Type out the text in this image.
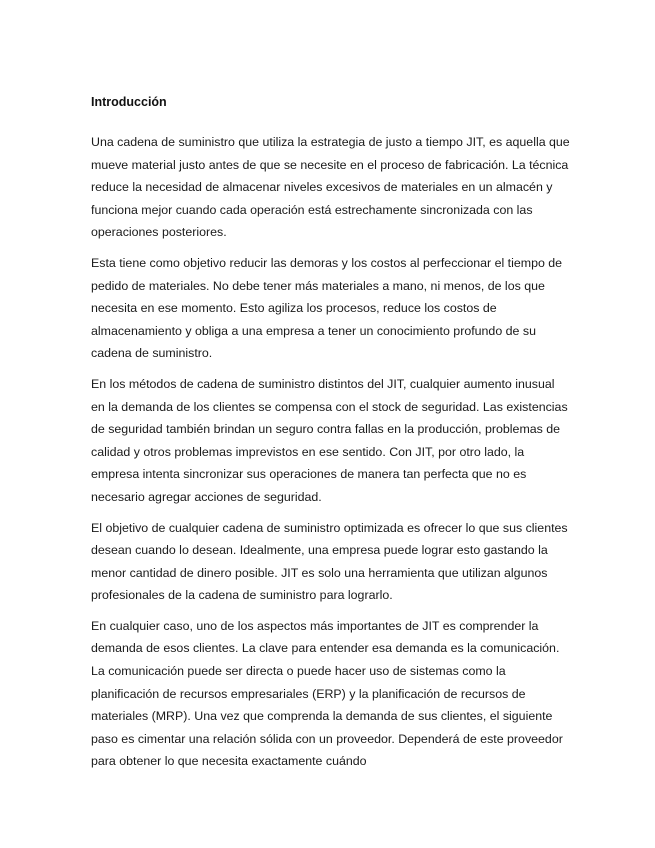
Introducción

Una cadena de suministro que utiliza la estrategia de justo a tiempo JIT, es aquella que mueve material justo antes de que se necesite en el proceso de fabricación. La técnica reduce la necesidad de almacenar niveles excesivos de materiales en un almacén y funciona mejor cuando cada operación está estrechamente sincronizada con las operaciones posteriores.

Esta tiene como objetivo reducir las demoras y los costos al perfeccionar el tiempo de pedido de materiales. No debe tener más materiales a mano, ni menos, de los que necesita en ese momento. Esto agiliza los procesos, reduce los costos de almacenamiento y obliga a una empresa a tener un conocimiento profundo de su cadena de suministro.

En los métodos de cadena de suministro distintos del JIT, cualquier aumento inusual en la demanda de los clientes se compensa con el stock de seguridad. Las existencias de seguridad también brindan un seguro contra fallas en la producción, problemas de calidad y otros problemas imprevistos en ese sentido. Con JIT, por otro lado, la empresa intenta sincronizar sus operaciones de manera tan perfecta que no es necesario agregar acciones de seguridad.

El objetivo de cualquier cadena de suministro optimizada es ofrecer lo que sus clientes desean cuando lo desean. Idealmente, una empresa puede lograr esto gastando la menor cantidad de dinero posible. JIT es solo una herramienta que utilizan algunos profesionales de la cadena de suministro para lograrlo.

En cualquier caso, uno de los aspectos más importantes de JIT es comprender la demanda de esos clientes. La clave para entender esa demanda es la comunicación. La comunicación puede ser directa o puede hacer uso de sistemas como la planificación de recursos empresariales (ERP) y la planificación de recursos de materiales (MRP). Una vez que comprenda la demanda de sus clientes, el siguiente paso es cimentar una relación sólida con un proveedor. Dependerá de este proveedor para obtener lo que necesita exactamente cuándo
